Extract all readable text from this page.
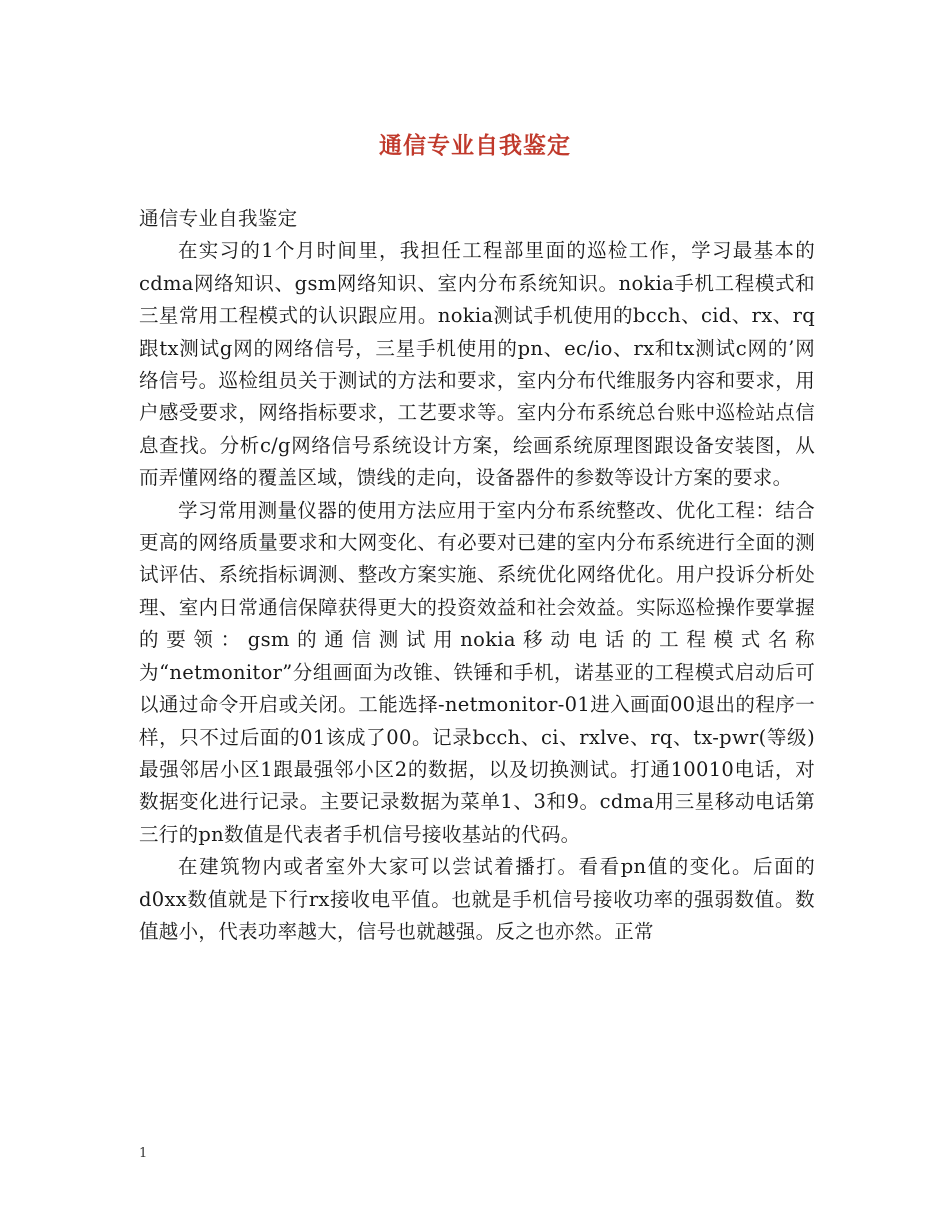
通信专业自我鉴定

通信专业自我鉴定

在实习的1个月时间里，我担任工程部里面的巡检工作，学习最基本的cdma网络知识、gsm网络知识、室内分布系统知识。nokia手机工程模式和三星常用工程模式的认识跟应用。nokia测试手机使用的bcch、cid、rx、rq跟tx测试g网的网络信号，三星手机使用的pn、ec/io、rx和tx测试c网的’网络信号。巡检组员关于测试的方法和要求，室内分布代维服务内容和要求，用户感受要求，网络指标要求，工艺要求等。室内分布系统总台账中巡检站点信息查找。分析c/g网络信号系统设计方案，绘画系统原理图跟设备安装图，从而弄懂网络的覆盖区域，馈线的走向，设备器件的参数等设计方案的要求。

学习常用测量仪器的使用方法应用于室内分布系统整改、优化工程：结合更高的网络质量要求和大网变化、有必要对已建的室内分布系统进行全面的测试评估、系统指标调测、整改方案实施、系统优化网络优化。用户投诉分析处理、室内日常通信保障获得更大的投资效益和社会效益。实际巡检操作要掌握的要领：gsm的通信测试用nokia移动电话的工程模式名称为“netmonitor”分组画面为改锥、铁锤和手机，诺基亚的工程模式启动后可以通过命令开启或关闭。工能选择-netmonitor-01进入画面00退出的程序一样，只不过后面的01该成了00。记录bcch、ci、rxlve、rq、tx-pwr(等级)最强邻居小区1跟最强邻小区2的数据，以及切换测试。打通10010电话，对数据变化进行记录。主要记录数据为菜单1、3和9。cdma用三星移动电话第三行的pn数值是代表者手机信号接收基站的代码。

在建筑物内或者室外大家可以尝试着播打。看看pn值的变化。后面的d0xx数值就是下行rx接收电平值。也就是手机信号接收功率的强弱数值。数值越小，代表功率越大，信号也就越强。反之也亦然。正常

1
